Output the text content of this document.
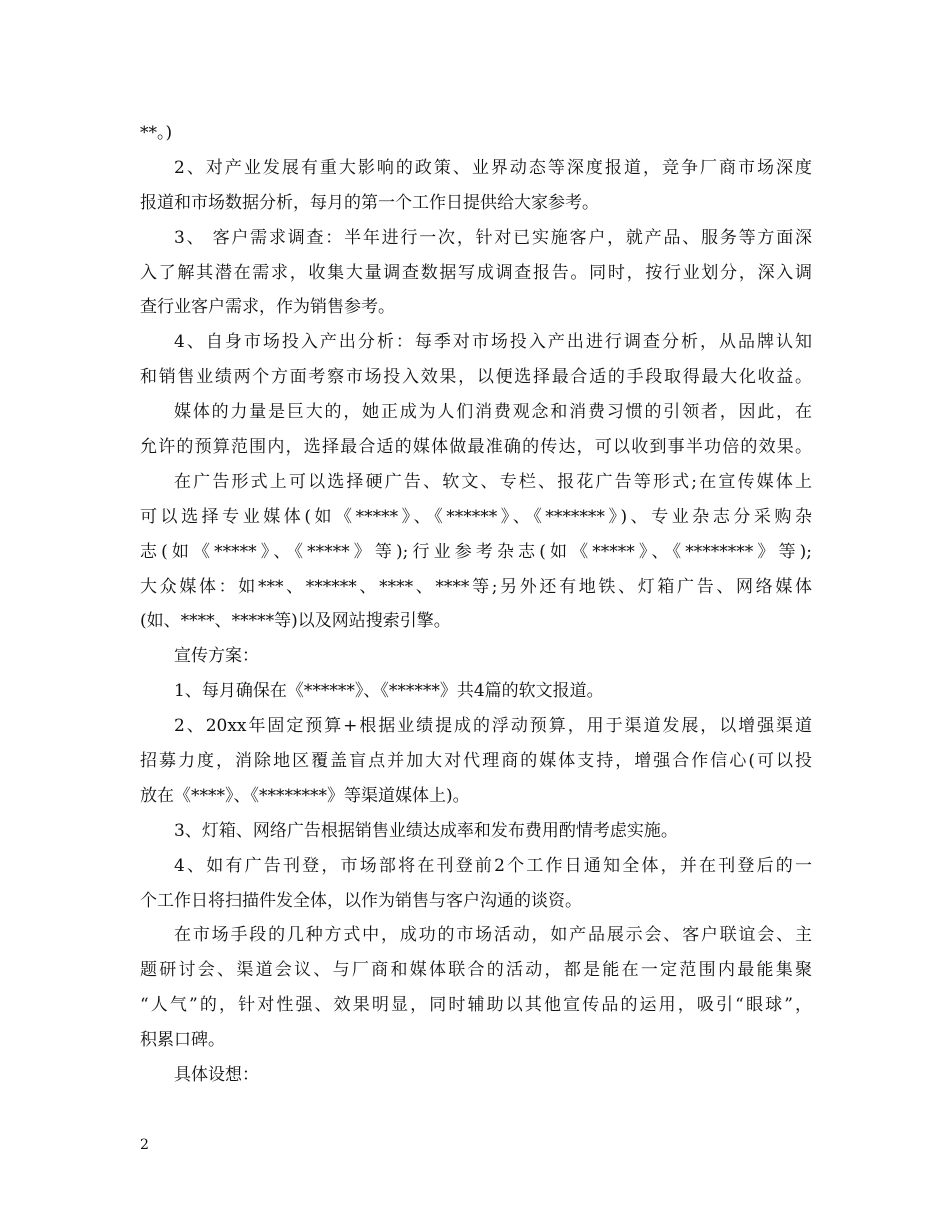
**。)
2、对产业发展有重大影响的政策、业界动态等深度报道，竞争厂商市场深度
报道和市场数据分析，每月的第一个工作日提供给大家参考。
3、 客户需求调查：半年进行一次，针对已实施客户，就产品、服务等方面深
入了解其潜在需求，收集大量调查数据写成调查报告。同时，按行业划分，深入调
查行业客户需求，作为销售参考。
4、自身市场投入产出分析：每季对市场投入产出进行调查分析，从品牌认知
和销售业绩两个方面考察市场投入效果，以便选择最合适的手段取得最大化收益。
媒体的力量是巨大的，她正成为人们消费观念和消费习惯的引领者，因此，在
允许的预算范围内，选择最合适的媒体做最准确的传达，可以收到事半功倍的效果。
在广告形式上可以选择硬广告、软文、专栏、报花广告等形式;在宣传媒体上
可以选择专业媒体(如《*****》、《******》、《*******》)、专业杂志分采购杂
志(如《*****》、《*****》等);行业参考杂志(如《*****》、《********》等);
大众媒体：如***、******、****、****等;另外还有地铁、灯箱广告、网络媒体
(如、****、*****等)以及网站搜索引擎。
宣传方案：
1、每月确保在《******》、《******》共4篇的软文报道。
2、20xx年固定预算+根据业绩提成的浮动预算，用于渠道发展，以增强渠道
招募力度，消除地区覆盖盲点并加大对代理商的媒体支持，增强合作信心(可以投
放在《****》、《********》等渠道媒体上)。
3、灯箱、网络广告根据销售业绩达成率和发布费用酌情考虑实施。
4、如有广告刊登，市场部将在刊登前2个工作日通知全体，并在刊登后的一
个工作日将扫描件发全体，以作为销售与客户沟通的谈资。
在市场手段的几种方式中，成功的市场活动，如产品展示会、客户联谊会、主
题研讨会、渠道会议、与厂商和媒体联合的活动，都是能在一定范围内最能集聚
“人气”的，针对性强、效果明显，同时辅助以其他宣传品的运用，吸引“眼球”，
积累口碑。
具体设想：
2
